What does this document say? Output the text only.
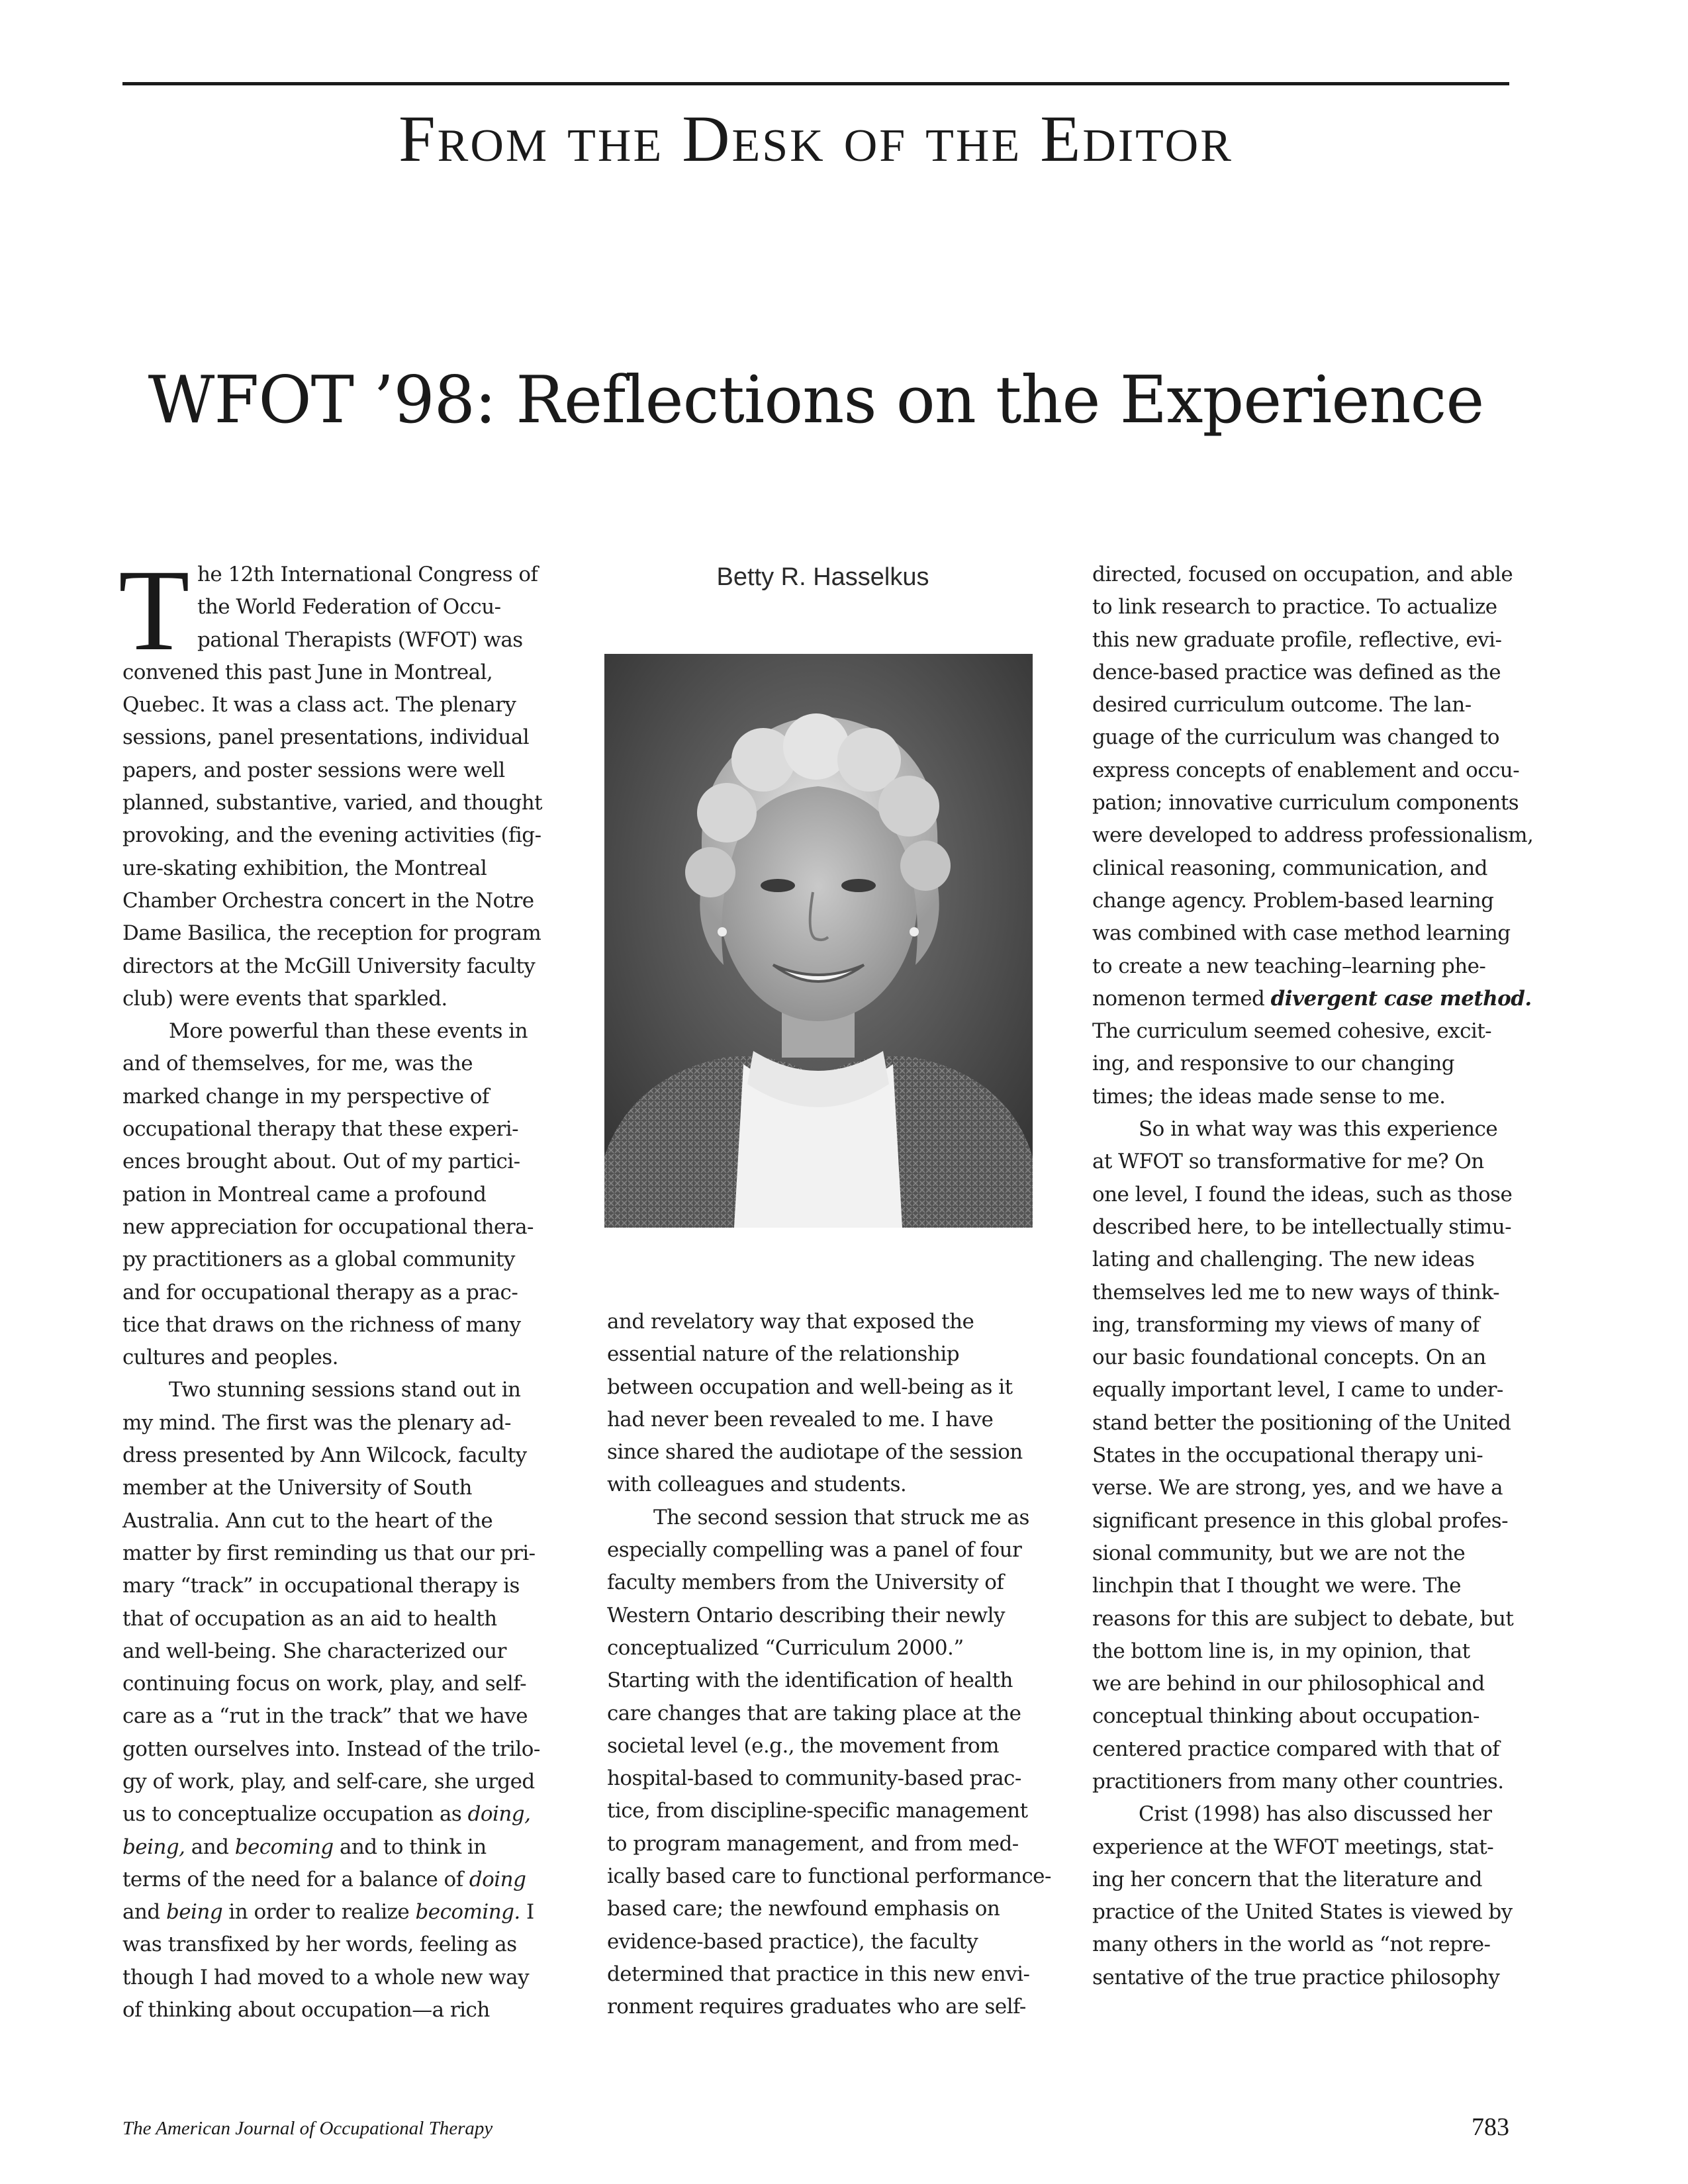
From the Desk of the Editor
WFOT ’98: Reflections on the Experience

T he 12th International Congress of
the World Federation of Occu-
pational Therapists (WFOT) was
convened this past June in Montreal,
Quebec. It was a class act. The plenary
sessions, panel presentations, individual
papers, and poster sessions were well
planned, substantive, varied, and thought
provoking, and the evening activities (fig-
ure-skating exhibition, the Montreal
Chamber Orchestra concert in the Notre
Dame Basilica, the reception for program
directors at the McGill University faculty
club) were events that sparkled.

More powerful than these events in
and of themselves, for me, was the
marked change in my perspective of
occupational therapy that these experi-
ences brought about. Out of my partici-
pation in Montreal came a profound
new appreciation for occupational thera-
py practitioners as a global community
and for occupational therapy as a prac-
tice that draws on the richness of many
cultures and peoples.

Two stunning sessions stand out in
my mind. The first was the plenary ad-
dress presented by Ann Wilcock, faculty
member at the University of South
Australia. Ann cut to the heart of the
matter by first reminding us that our pri-
mary “track” in occupational therapy is
that of occupation as an aid to health
and well-being. She characterized our
continuing focus on work, play, and self-
care as a “rut in the track” that we have
gotten ourselves into. Instead of the trilo-
gy of work, play, and self-care, she urged
us to conceptualize occupation as doing,
being, and becoming and to think in
terms of the need for a balance of doing
and being in order to realize becoming. I
was transfixed by her words, feeling as
though I had moved to a whole new way
of thinking about occupation—a rich

Betty R. Hasselkus

and revelatory way that exposed the
essential nature of the relationship
between occupation and well-being as it
had never been revealed to me. I have
since shared the audiotape of the session
with colleagues and students.

The second session that struck me as
especially compelling was a panel of four
faculty members from the University of
Western Ontario describing their newly
conceptualized “Curriculum 2000.”
Starting with the identification of health
care changes that are taking place at the
societal level (e.g., the movement from
hospital-based to community-based prac-
tice, from discipline-specific management
to program management, and from med-
ically based care to functional performance-
based care; the newfound emphasis on
evidence-based practice), the faculty
determined that practice in this new envi-
ronment requires graduates who are self-

directed, focused on occupation, and able
to link research to practice. To actualize
this new graduate profile, reflective, evi-
dence-based practice was defined as the
desired curriculum outcome. The lan-
guage of the curriculum was changed to
express concepts of enablement and occu-
pation; innovative curriculum components
were developed to address professionalism,
clinical reasoning, communication, and
change agency. Problem-based learning
was combined with case method learning
to create a new teaching–learning phe-
nomenon termed divergent case method.
The curriculum seemed cohesive, excit-
ing, and responsive to our changing
times; the ideas made sense to me.

So in what way was this experience
at WFOT so transformative for me? On
one level, I found the ideas, such as those
described here, to be intellectually stimu-
lating and challenging. The new ideas
themselves led me to new ways of think-
ing, transforming my views of many of
our basic foundational concepts. On an
equally important level, I came to under-
stand better the positioning of the United
States in the occupational therapy uni-
verse. We are strong, yes, and we have a
significant presence in this global profes-
sional community, but we are not the
linchpin that I thought we were. The
reasons for this are subject to debate, but
the bottom line is, in my opinion, that
we are behind in our philosophical and
conceptual thinking about occupation-
centered practice compared with that of
practitioners from many other countries.

Crist (1998) has also discussed her
experience at the WFOT meetings, stat-
ing her concern that the literature and
practice of the United States is viewed by
many others in the world as “not repre-
sentative of the true practice philosophy

The American Journal of Occupational Therapy	783
